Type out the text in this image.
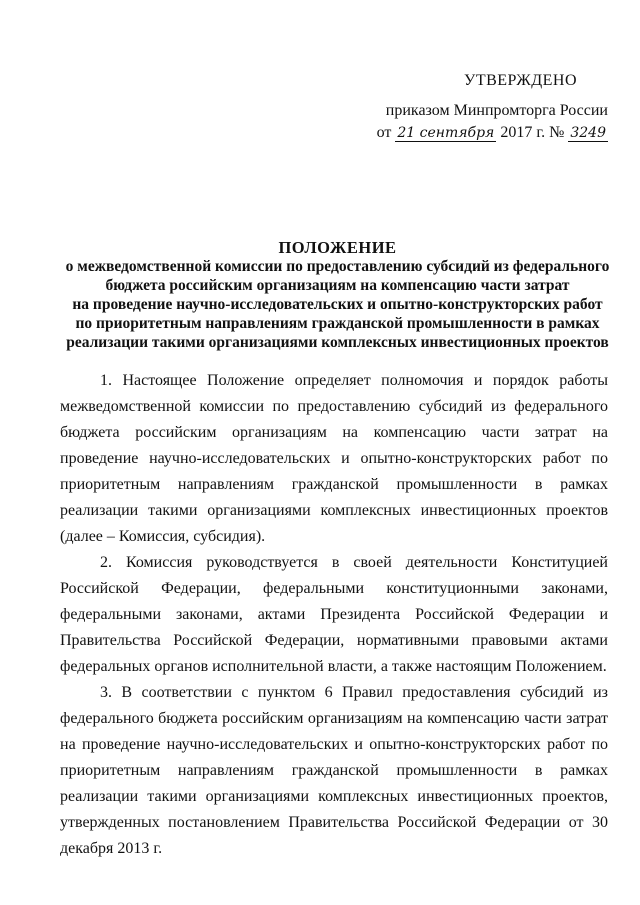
УТВЕРЖДЕНО
приказом Минпромторга России
от 21 сентября 2017 г. № 3249
ПОЛОЖЕНИЕ
о межведомственной комиссии по предоставлению субсидий из федерального
бюджета российским организациям на компенсацию части затрат
на проведение научно-исследовательских и опытно-конструкторских работ
по приоритетным направлениям гражданской промышленности в рамках
реализации такими организациями комплексных инвестиционных проектов

1. Настоящее Положение определяет полномочия и порядок работы межведомственной комиссии по предоставлению субсидий из федерального бюджета российским организациям на компенсацию части затрат на проведение научно-исследовательских и опытно-конструкторских работ по приоритетным направлениям гражданской промышленности в рамках реализации такими организациями комплексных инвестиционных проектов (далее – Комиссия, субсидия).

2. Комиссия руководствуется в своей деятельности Конституцией Российской Федерации, федеральными конституционными законами, федеральными законами, актами Президента Российской Федерации и Правительства Российской Федерации, нормативными правовыми актами федеральных органов исполнительной власти, а также настоящим Положением.

3. В соответствии с пунктом 6 Правил предоставления субсидий из федерального бюджета российским организациям на компенсацию части затрат на проведение научно-исследовательских и опытно-конструкторских работ по приоритетным направлениям гражданской промышленности в рамках реализации такими организациями комплексных инвестиционных проектов, утвержденных постановлением Правительства Российской Федерации от 30 декабря 2013 г.
